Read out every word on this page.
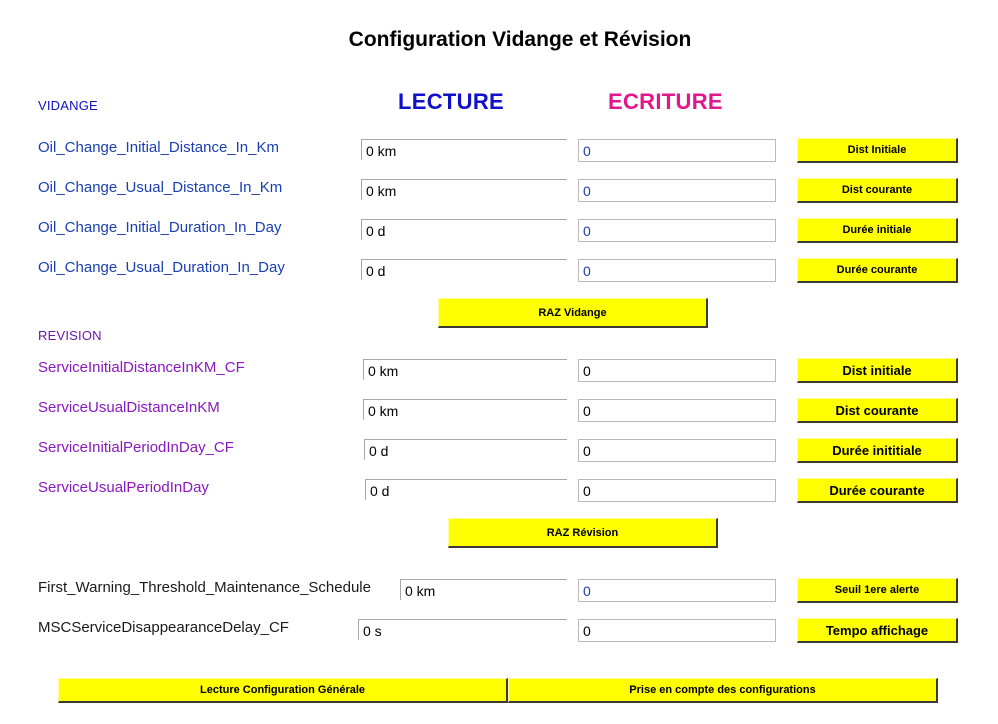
Configuration Vidange et Révision
VIDANGE	LECTURE	ECRITURE
Oil_Change_Initial_Distance_In_Km	0 km	0	Dist Initiale
Oil_Change_Usual_Distance_In_Km	0 km	0	Dist courante
Oil_Change_Initial_Duration_In_Day	0 d	0	Durée initiale
Oil_Change_Usual_Duration_In_Day	0 d	0	Durée courante
RAZ Vidange
REVISION
ServiceInitialDistanceInKM_CF	0 km	0	Dist initiale
ServiceUsualDistanceInKM	0 km	0	Dist courante
ServiceInitialPeriodInDay_CF	0 d	0	Durée inititiale
ServiceUsualPeriodInDay	0 d	0	Durée courante
RAZ Révision
First_Warning_Threshold_Maintenance_Schedule	0 km	0	Seuil 1ere alerte
MSCServiceDisappearanceDelay_CF	0 s	0	Tempo affichage
Lecture Configuration Générale	Prise en compte des configurations
